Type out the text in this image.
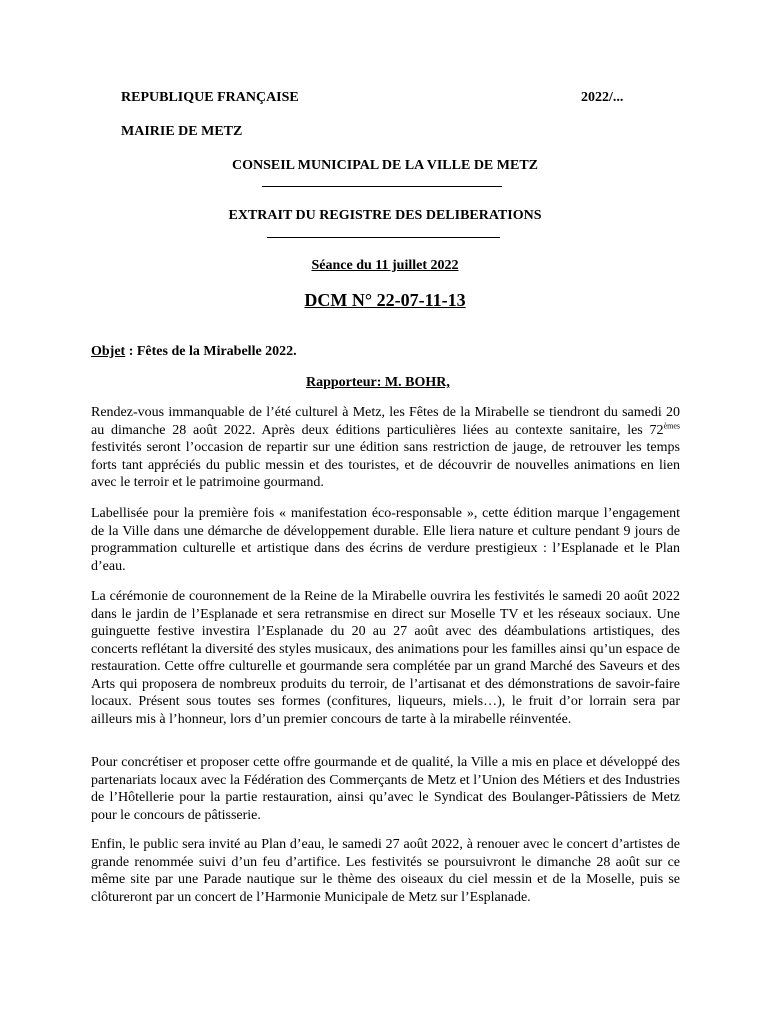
REPUBLIQUE FRANÇAISE	2022/...
MAIRIE DE METZ
CONSEIL MUNICIPAL DE LA VILLE DE METZ
EXTRAIT DU REGISTRE DES DELIBERATIONS
Séance du 11 juillet 2022
DCM N° 22-07-11-13
Objet : Fêtes de la Mirabelle 2022.
Rapporteur: M. BOHR,

Rendez-vous immanquable de l’été culturel à Metz, les Fêtes de la Mirabelle se tiendront du samedi 20 au dimanche 28 août 2022. Après deux éditions particulières liées au contexte sanitaire, les 72èmes festivités seront l’occasion de repartir sur une édition sans restriction de jauge, de retrouver les temps forts tant appréciés du public messin et des touristes, et de découvrir de nouvelles animations en lien avec le terroir et le patrimoine gourmand.

Labellisée pour la première fois « manifestation éco-responsable », cette édition marque l’engagement de la Ville dans une démarche de développement durable. Elle liera nature et culture pendant 9 jours de programmation culturelle et artistique dans des écrins de verdure prestigieux : l’Esplanade et le Plan d’eau.

La cérémonie de couronnement de la Reine de la Mirabelle ouvrira les festivités le samedi 20 août 2022 dans le jardin de l’Esplanade et sera retransmise en direct sur Moselle TV et les réseaux sociaux. Une guinguette festive investira l’Esplanade du 20 au 27 août avec des déambulations artistiques, des concerts reflétant la diversité des styles musicaux, des animations pour les familles ainsi qu’un espace de restauration. Cette offre culturelle et gourmande sera complétée par un grand Marché des Saveurs et des Arts qui proposera de nombreux produits du terroir, de l’artisanat et des démonstrations de savoir-faire locaux. Présent sous toutes ses formes (confitures, liqueurs, miels…), le fruit d’or lorrain sera par ailleurs mis à l’honneur, lors d’un premier concours de tarte à la mirabelle réinventée.

Pour concrétiser et proposer cette offre gourmande et de qualité, la Ville a mis en place et développé des partenariats locaux avec la Fédération des Commerçants de Metz et l’Union des Métiers et des Industries de l’Hôtellerie pour la partie restauration, ainsi qu’avec le Syndicat des Boulanger-Pâtissiers de Metz pour le concours de pâtisserie.

Enfin, le public sera invité au Plan d’eau, le samedi 27 août 2022, à renouer avec le concert d’artistes de grande renommée suivi d’un feu d’artifice. Les festivités se poursuivront le dimanche 28 août sur ce même site par une Parade nautique sur le thème des oiseaux du ciel messin et de la Moselle, puis se clôtureront par un concert de l’Harmonie Municipale de Metz sur l’Esplanade.
